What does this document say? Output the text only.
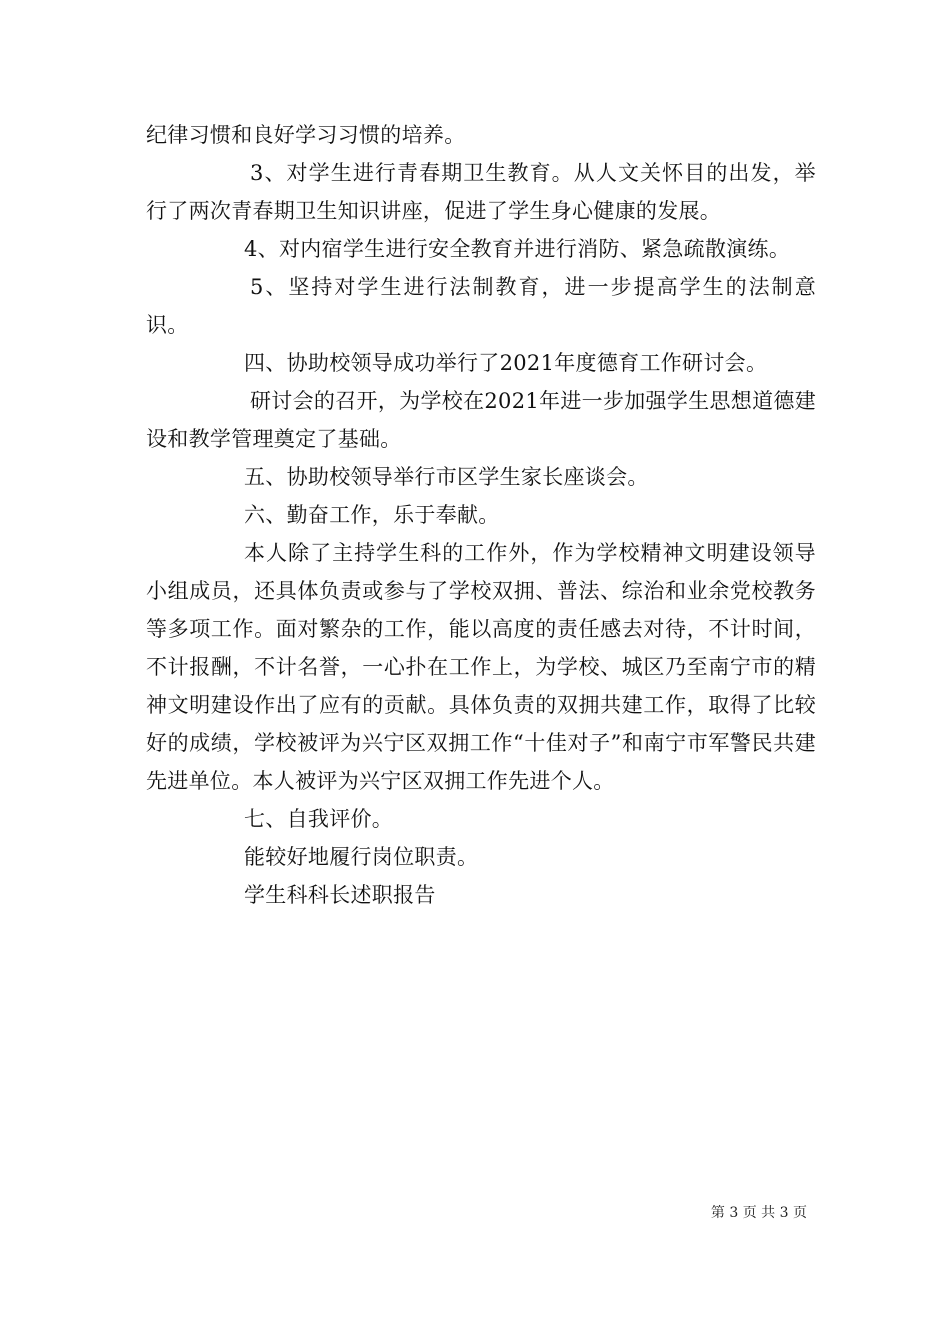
纪律习惯和良好学习习惯的培养。

3、对学生进行青春期卫生教育。从人文关怀目的出发，举行了两次青春期卫生知识讲座，促进了学生身心健康的发展。

4、对内宿学生进行安全教育并进行消防、紧急疏散演练。

5、坚持对学生进行法制教育，进一步提高学生的法制意识。

四、协助校领导成功举行了2021年度德育工作研讨会。

研讨会的召开，为学校在2021年进一步加强学生思想道德建设和教学管理奠定了基础。

五、协助校领导举行市区学生家长座谈会。

六、勤奋工作，乐于奉献。

本人除了主持学生科的工作外，作为学校精神文明建设领导小组成员，还具体负责或参与了学校双拥、普法、综治和业余党校教务等多项工作。面对繁杂的工作，能以高度的责任感去对待，不计时间，不计报酬，不计名誉，一心扑在工作上，为学校、城区乃至南宁市的精神文明建设作出了应有的贡献。具体负责的双拥共建工作，取得了比较好的成绩，学校被评为兴宁区双拥工作“十佳对子”和南宁市军警民共建先进单位。本人被评为兴宁区双拥工作先进个人。

七、自我评价。

能较好地履行岗位职责。

学生科科长述职报告

第 3 页 共 3 页
